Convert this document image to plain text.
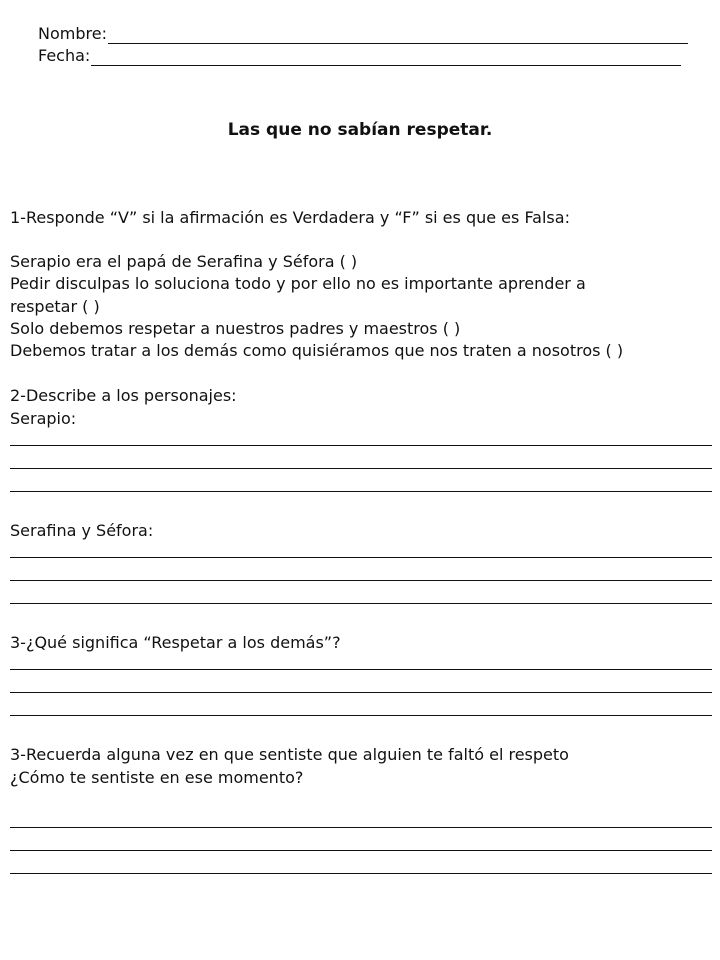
Nombre:
Fecha:
Las que no sabían respetar.
1-Responde “V” si la afirmación es Verdadera y “F” si es que es Falsa:
Serapio era el papá de Serafina y Séfora ( )
Pedir disculpas lo soluciona todo y por ello no es importante aprender a
respetar ( )
Solo debemos respetar a nuestros padres y maestros ( )
Debemos tratar a los demás como quisiéramos que nos traten a nosotros ( )
2-Describe a los personajes:
Serapio:
Serafina y Séfora:
3-¿Qué significa “Respetar a los demás”?
3-Recuerda alguna vez en que sentiste que alguien te faltó el respeto
¿Cómo te sentiste en ese momento?
